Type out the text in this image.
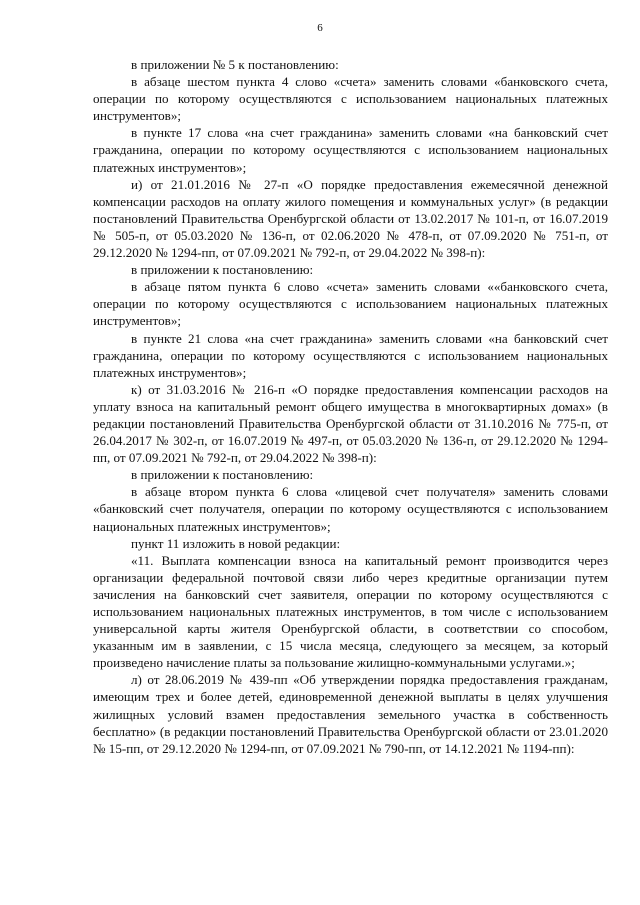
6

в приложении № 5 к постановлению:

в абзаце шестом пункта 4 слово «счета» заменить словами «банковского счета, операции по которому осуществляются с использованием национальных платежных инструментов»;

в пункте 17 слова «на счет гражданина» заменить словами «на банковский счет гражданина, операции по которому осуществляются с использованием национальных платежных инструментов»;

и) от 21.01.2016 № 27-п «О порядке предоставления ежемесячной денежной компенсации расходов на оплату жилого помещения и коммунальных услуг» (в редакции постановлений Правительства Оренбургской области от 13.02.2017 № 101-п, от 16.07.2019 № 505-п, от 05.03.2020 № 136-п, от 02.06.2020 № 478-п, от 07.09.2020 № 751-п, от 29.12.2020 № 1294-пп, от 07.09.2021 № 792-п, от 29.04.2022 № 398-п):

в приложении к постановлению:

в абзаце пятом пункта 6 слово «счета» заменить словами ««банковского счета, операции по которому осуществляются с использованием национальных платежных инструментов»;

в пункте 21 слова «на счет гражданина» заменить словами «на банковский счет гражданина, операции по которому осуществляются с использованием национальных платежных инструментов»;

к) от 31.03.2016 № 216-п «О порядке предоставления компенсации расходов на уплату взноса на капитальный ремонт общего имущества в многоквартирных домах» (в редакции постановлений Правительства Оренбургской области от 31.10.2016 № 775-п, от 26.04.2017 № 302-п, от 16.07.2019 № 497-п, от 05.03.2020 № 136-п, от 29.12.2020 № 1294-пп, от 07.09.2021 № 792-п, от 29.04.2022 № 398-п):

в приложении к постановлению:

в абзаце втором пункта 6 слова «лицевой счет получателя» заменить словами «банковский счет получателя, операции по которому осуществляются с использованием национальных платежных инструментов»;

пункт 11 изложить в новой редакции:

«11. Выплата компенсации взноса на капитальный ремонт производится через организации федеральной почтовой связи либо через кредитные организации путем зачисления на банковский счет заявителя, операции по которому осуществляются с использованием национальных платежных инструментов, в том числе с использованием универсальной карты жителя Оренбургской области, в соответствии со способом, указанным им в заявлении, с 15 числа месяца, следующего за месяцем, за который произведено начисление платы за пользование жилищно-коммунальными услугами.»;

л) от 28.06.2019 № 439-пп «Об утверждении порядка предоставления гражданам, имеющим трех и более детей, единовременной денежной выплаты в целях улучшения жилищных условий взамен предоставления земельного участка в собственность бесплатно» (в редакции постановлений Правительства Оренбургской области от 23.01.2020 № 15-пп, от 29.12.2020 № 1294-пп, от 07.09.2021 № 790-пп, от 14.12.2021 № 1194-пп):
